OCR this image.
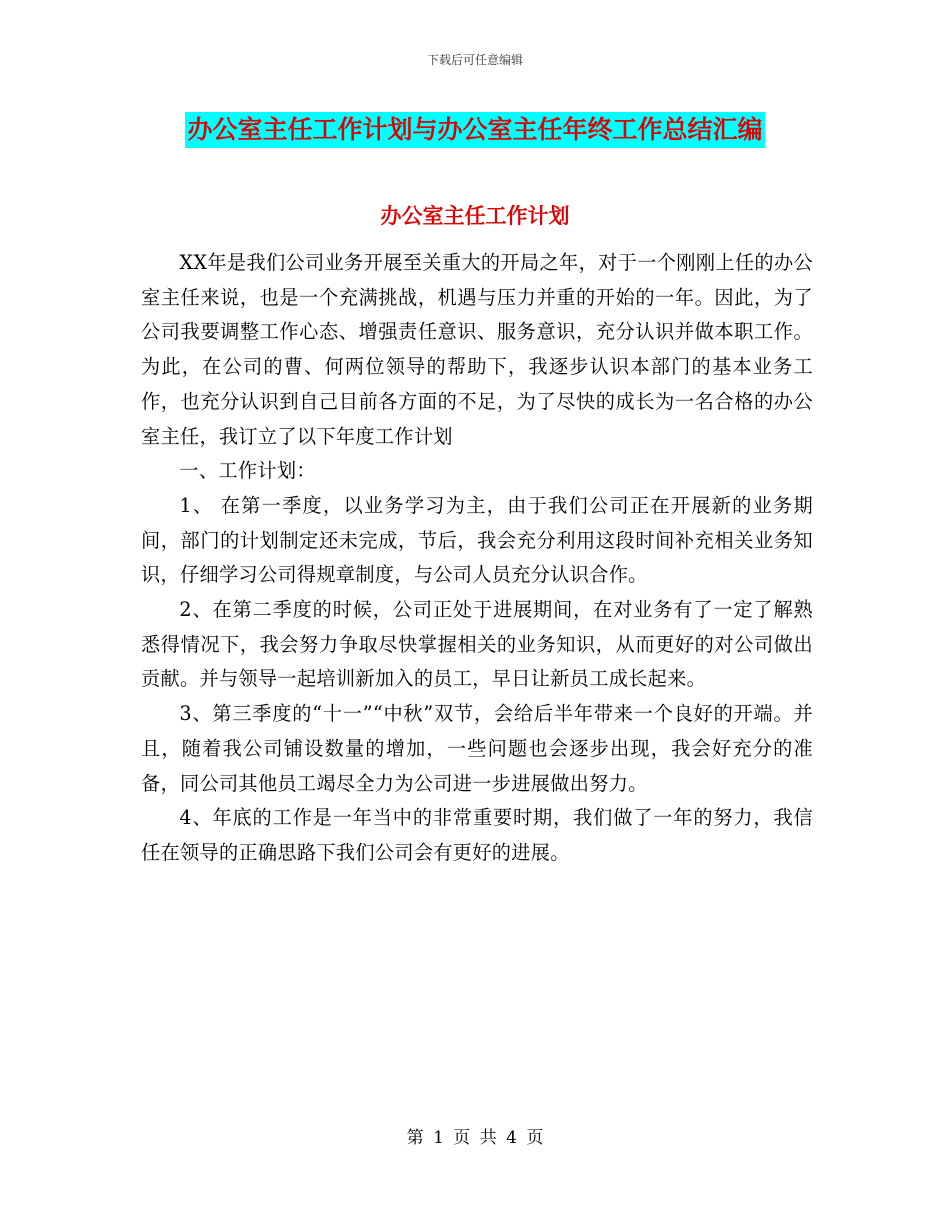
下载后可任意编辑
办公室主任工作计划与办公室主任年终工作总结汇编
办公室主任工作计划

XX年是我们公司业务开展至关重大的开局之年，对于一个刚刚上任的办公室主任来说，也是一个充满挑战，机遇与压力并重的开始的一年。因此，为了公司我要调整工作心态、增强责任意识、服务意识，充分认识并做本职工作。为此，在公司的曹、何两位领导的帮助下，我逐步认识本部门的基本业务工作，也充分认识到自己目前各方面的不足，为了尽快的成长为一名合格的办公室主任，我订立了以下年度工作计划

一、工作计划：

1、 在第一季度，以业务学习为主，由于我们公司正在开展新的业务期间，部门的计划制定还未完成，节后，我会充分利用这段时间补充相关业务知识，仔细学习公司得规章制度，与公司人员充分认识合作。

2、在第二季度的时候，公司正处于进展期间，在对业务有了一定了解熟悉得情况下，我会努力争取尽快掌握相关的业务知识，从而更好的对公司做出贡献。并与领导一起培训新加入的员工，早日让新员工成长起来。

3、第三季度的“十一”“中秋”双节，会给后半年带来一个良好的开端。并且，随着我公司铺设数量的增加，一些问题也会逐步出现，我会好充分的准备，同公司其他员工竭尽全力为公司进一步进展做出努力。

4、年底的工作是一年当中的非常重要时期，我们做了一年的努力，我信任在领导的正确思路下我们公司会有更好的进展。

第 1 页 共 4 页
